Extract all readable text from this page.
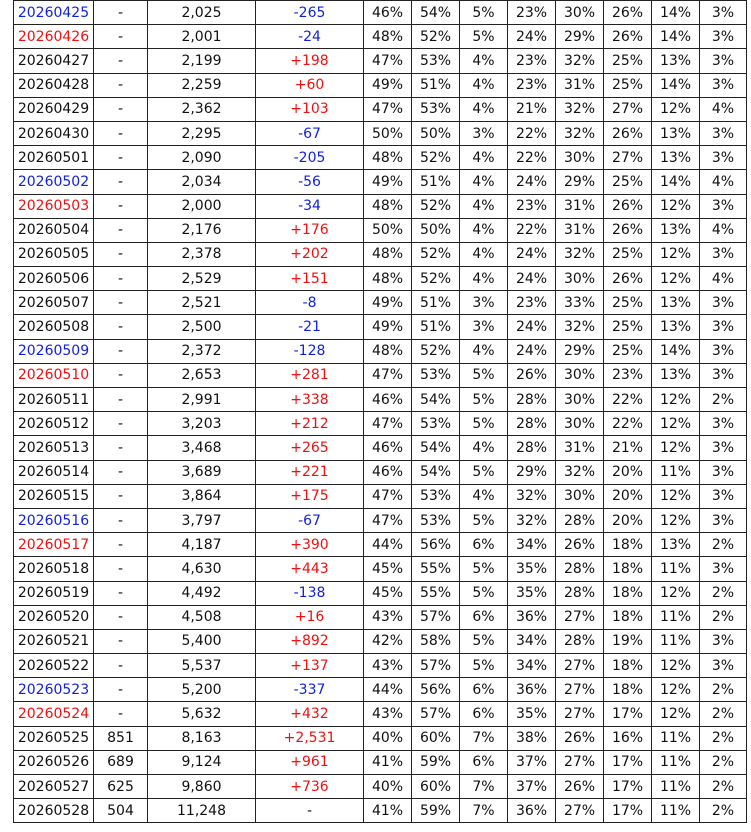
20260425	-	2,025	-265	46%	54%	5%	23%	30%	26%	14%	3%
20260426	-	2,001	-24	48%	52%	5%	24%	29%	26%	14%	3%
20260427	-	2,199	+198	47%	53%	4%	23%	32%	25%	13%	3%
20260428	-	2,259	+60	49%	51%	4%	23%	31%	25%	14%	3%
20260429	-	2,362	+103	47%	53%	4%	21%	32%	27%	12%	4%
20260430	-	2,295	-67	50%	50%	3%	22%	32%	26%	13%	3%
20260501	-	2,090	-205	48%	52%	4%	22%	30%	27%	13%	3%
20260502	-	2,034	-56	49%	51%	4%	24%	29%	25%	14%	4%
20260503	-	2,000	-34	48%	52%	4%	23%	31%	26%	12%	3%
20260504	-	2,176	+176	50%	50%	4%	22%	31%	26%	13%	4%
20260505	-	2,378	+202	48%	52%	4%	24%	32%	25%	12%	3%
20260506	-	2,529	+151	48%	52%	4%	24%	30%	26%	12%	4%
20260507	-	2,521	-8	49%	51%	3%	23%	33%	25%	13%	3%
20260508	-	2,500	-21	49%	51%	3%	24%	32%	25%	13%	3%
20260509	-	2,372	-128	48%	52%	4%	24%	29%	25%	14%	3%
20260510	-	2,653	+281	47%	53%	5%	26%	30%	23%	13%	3%
20260511	-	2,991	+338	46%	54%	5%	28%	30%	22%	12%	2%
20260512	-	3,203	+212	47%	53%	5%	28%	30%	22%	12%	3%
20260513	-	3,468	+265	46%	54%	4%	28%	31%	21%	12%	3%
20260514	-	3,689	+221	46%	54%	5%	29%	32%	20%	11%	3%
20260515	-	3,864	+175	47%	53%	4%	32%	30%	20%	12%	3%
20260516	-	3,797	-67	47%	53%	5%	32%	28%	20%	12%	3%
20260517	-	4,187	+390	44%	56%	6%	34%	26%	18%	13%	2%
20260518	-	4,630	+443	45%	55%	5%	35%	28%	18%	11%	3%
20260519	-	4,492	-138	45%	55%	5%	35%	28%	18%	12%	2%
20260520	-	4,508	+16	43%	57%	6%	36%	27%	18%	11%	2%
20260521	-	5,400	+892	42%	58%	5%	34%	28%	19%	11%	3%
20260522	-	5,537	+137	43%	57%	5%	34%	27%	18%	12%	3%
20260523	-	5,200	-337	44%	56%	6%	36%	27%	18%	12%	2%
20260524	-	5,632	+432	43%	57%	6%	35%	27%	17%	12%	2%
20260525	851	8,163	+2,531	40%	60%	7%	38%	26%	16%	11%	2%
20260526	689	9,124	+961	41%	59%	6%	37%	27%	17%	11%	2%
20260527	625	9,860	+736	40%	60%	7%	37%	26%	17%	11%	2%
20260528	504	11,248	-	41%	59%	7%	36%	27%	17%	11%	2%
